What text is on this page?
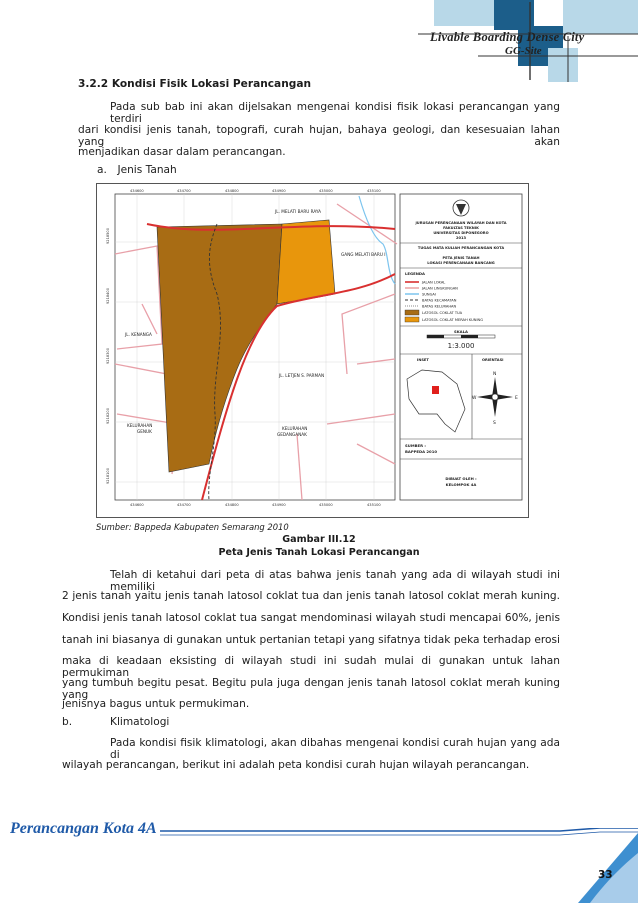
Livable Boarding Dense City
GG-Site
3.2.2 Kondisi Fisik Lokasi Perancangan
Pada sub bab ini akan dijelsakan mengenai kondisi fisik lokasi perancangan yang terdiri
dari kondisi jenis tanah, topografi, curah hujan, bahaya geologi, dan kesesuaian lahan yang akan
menjadikan dasar dalam perancangan.
a. Jenis Tanah
434600	434700	434800	434900	435000	435100
434600	434700	434800	434900	435000	435100
9218500
9218400
9218300
9218200
9218100
JL. MELATI BARU RAYA
GANG MELATI BARU I
JL. KENANGA
JL. LETJEN S. PARMAN
KELURAHAN
GENUK
KELURAHAN
GEDANGANAK
JURUSAN PERENCANAAN WILAYAH DAN KOTA
FAKULTAS TEKNIK
UNIVERSITAS DIPONEGORO
2013
TUGAS MATA KULIAH PERANCANGAN KOTA
PETA JENIS TANAH
LOKASI PERENCANAAN BANCANG
LEGENDA
JALAN LOKAL
JALAN LINGKUNGAN
SUNGAI
BATAS KECAMATAN
BATAS KELURAHAN
LATOSOL COKLAT TUA
LATOSOL COKLAT MERAH KUNING
SKALA
1:3.000
INSET	ORIENTASI
N
S
E
W
SUMBER :
BAPPEDA 2010
DIBUAT OLEH :
KELOMPOK 4A
Sumber: Bappeda Kabupaten Semarang 2010
Gambar III.12
Peta Jenis Tanah Lokasi Perancangan
Telah di ketahui dari peta di atas bahwa jenis tanah yang ada di wilayah studi ini memiliki
2 jenis tanah yaitu jenis tanah latosol coklat tua dan jenis tanah latosol coklat merah kuning.
Kondisi jenis tanah latosol coklat tua sangat mendominasi wilayah studi mencapai 60%, jenis
tanah ini biasanya di gunakan untuk pertanian tetapi yang sifatnya tidak peka terhadap erosi
maka di keadaan eksisting di wilayah studi ini sudah mulai di gunakan untuk lahan permukiman
yang tumbuh begitu pesat. Begitu pula juga dengan jenis tanah latosol coklat merah kuning yang
jenisnya bagus untuk permukiman.
b.	Klimatologi
Pada kondisi fisik klimatologi, akan dibahas mengenai kondisi curah hujan yang ada di
wilayah perancangan, berikut ini adalah peta kondisi curah hujan wilayah perancangan.
Perancangan Kota 4A
33
